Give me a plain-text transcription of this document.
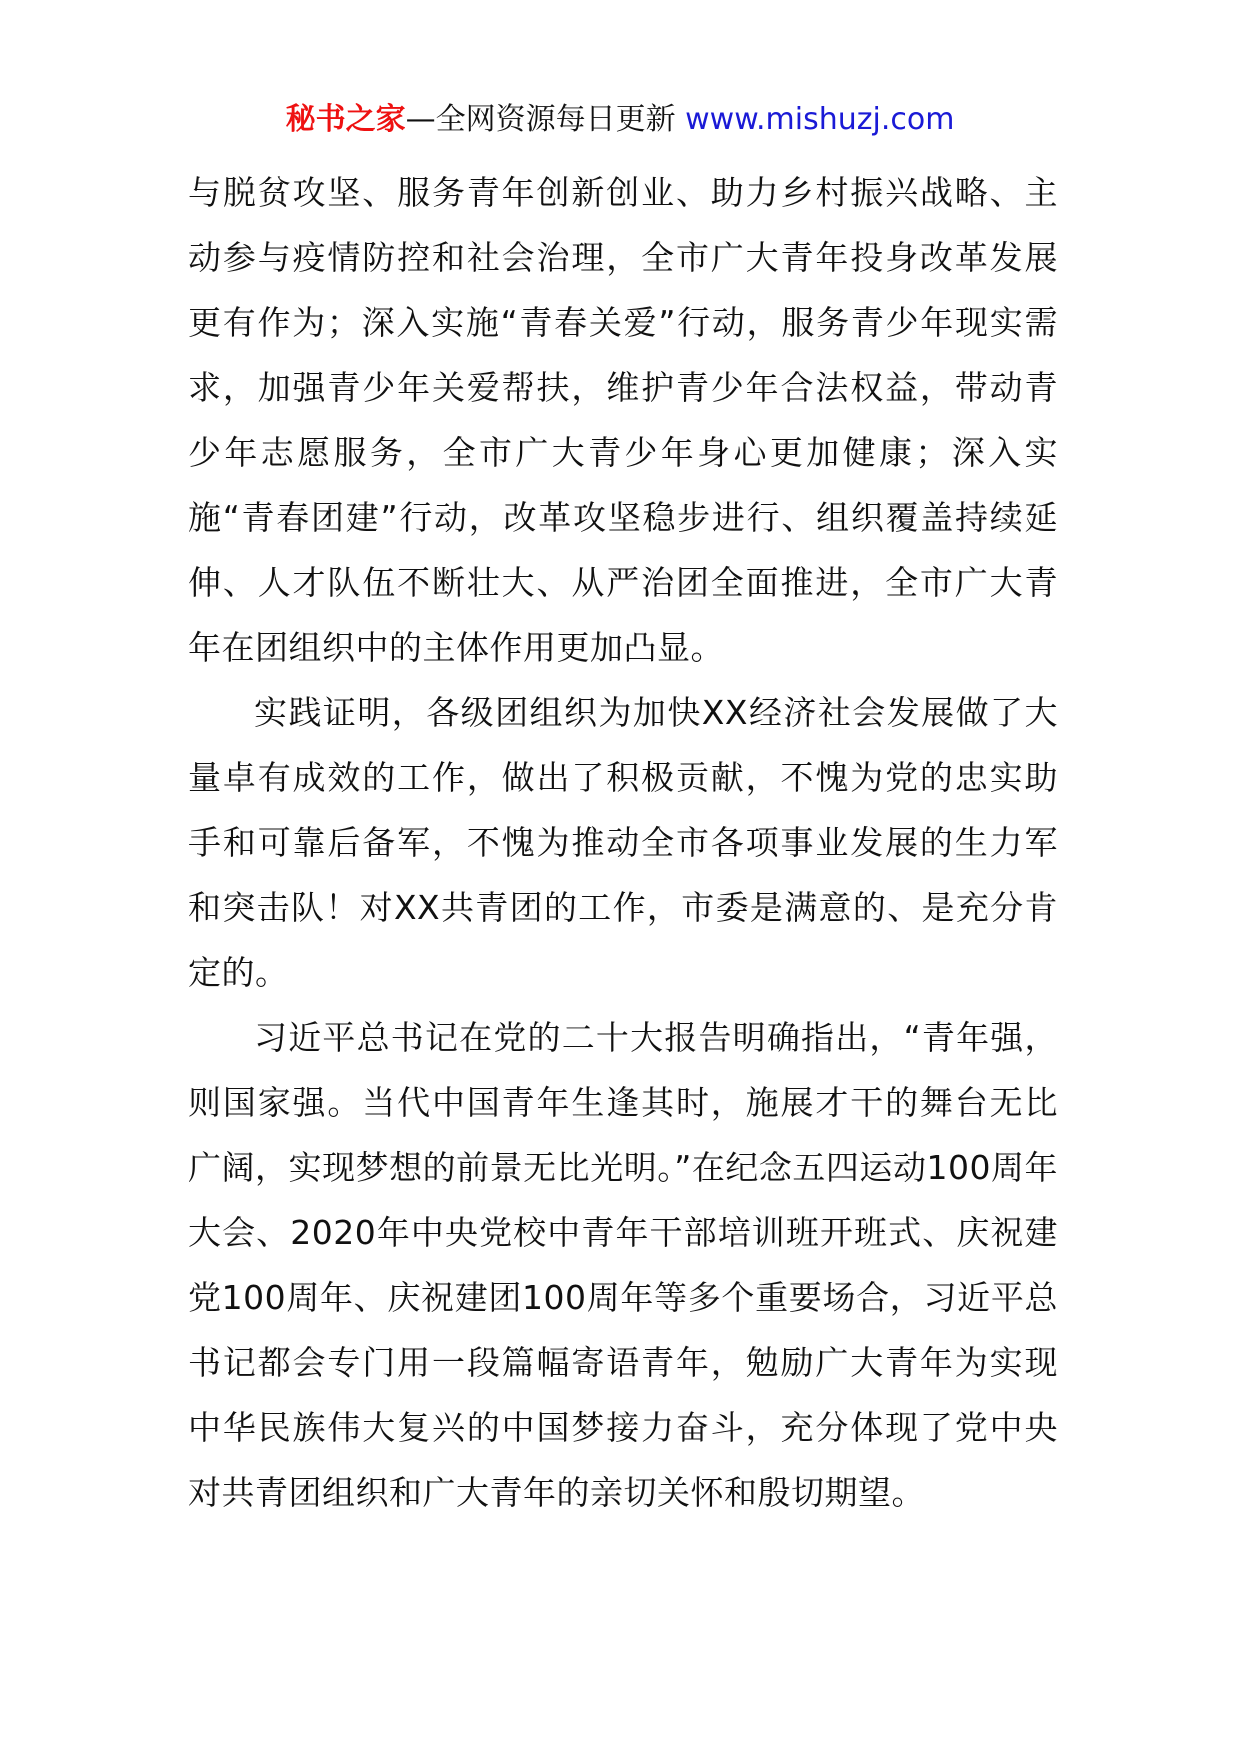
秘书之家—全网资源每日更新 www.mishuzj.com

与脱贫攻坚、服务青年创新创业、助力乡村振兴战略、主动参与疫情防控和社会治理，全市广大青年投身改革发展更有作为；深入实施“青春关爱”行动，服务青少年现实需求，加强青少年关爱帮扶，维护青少年合法权益，带动青少年志愿服务，全市广大青少年身心更加健康；深入实施“青春团建”行动，改革攻坚稳步进行、组织覆盖持续延伸、人才队伍不断壮大、从严治团全面推进，全市广大青年在团组织中的主体作用更加凸显。

实践证明，各级团组织为加快XX经济社会发展做了大量卓有成效的工作，做出了积极贡献，不愧为党的忠实助手和可靠后备军，不愧为推动全市各项事业发展的生力军和突击队！对XX共青团的工作，市委是满意的、是充分肯定的。

习近平总书记在党的二十大报告明确指出，“青年强，则国家强。当代中国青年生逢其时，施展才干的舞台无比广阔，实现梦想的前景无比光明。”在纪念五四运动100周年大会、2020年中央党校中青年干部培训班开班式、庆祝建党100周年、庆祝建团100周年等多个重要场合，习近平总书记都会专门用一段篇幅寄语青年，勉励广大青年为实现中华民族伟大复兴的中国梦接力奋斗，充分体现了党中央对共青团组织和广大青年的亲切关怀和殷切期望。
